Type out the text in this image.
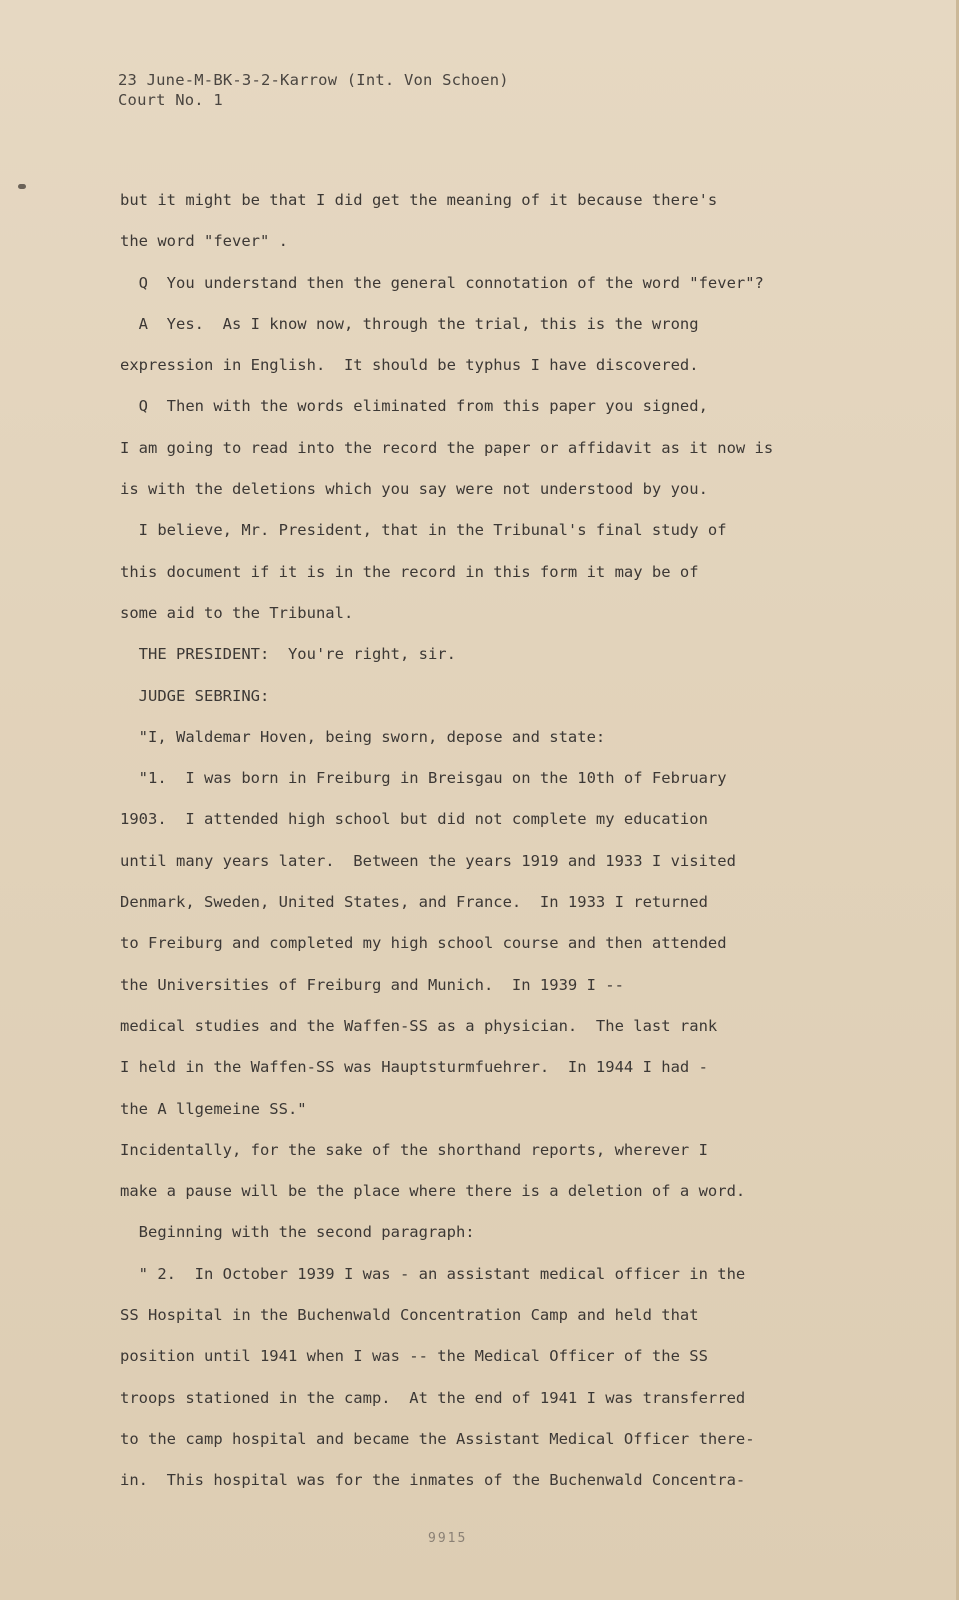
23 June-M-BK-3-2-Karrow (Int. Von Schoen)
Court No. 1
but it might be that I did get the meaning of it because there's
the word "fever" .
Q  You understand then the general connotation of the word "fever"?
A  Yes.  As I know now, through the trial, this is the wrong
expression in English.  It should be typhus I have discovered.
Q  Then with the words eliminated from this paper you signed,
I am going to read into the record the paper or affidavit as it now is
is with the deletions which you say were not understood by you.
I believe, Mr. President, that in the Tribunal's final study of
this document if it is in the record in this form it may be of
some aid to the Tribunal.
THE PRESIDENT:  You're right, sir.
JUDGE SEBRING:
"I, Waldemar Hoven, being sworn, depose and state:
"1.  I was born in Freiburg in Breisgau on the 10th of February
1903.  I attended high school but did not complete my education
until many years later.  Between the years 1919 and 1933 I visited
Denmark, Sweden, United States, and France.  In 1933 I returned
to Freiburg and completed my high school course and then attended
the Universities of Freiburg and Munich.  In 1939 I --
medical studies and the Waffen-SS as a physician.  The last rank
I held in the Waffen-SS was Hauptsturmfuehrer.  In 1944 I had -
the A llgemeine SS."
Incidentally, for the sake of the shorthand reports, wherever I
make a pause will be the place where there is a deletion of a word.
Beginning with the second paragraph:
" 2.  In October 1939 I was - an assistant medical officer in the
SS Hospital in the Buchenwald Concentration Camp and held that
position until 1941 when I was -- the Medical Officer of the SS
troops stationed in the camp.  At the end of 1941 I was transferred
to the camp hospital and became the Assistant Medical Officer there-
in.  This hospital was for the inmates of the Buchenwald Concentra-
9915
